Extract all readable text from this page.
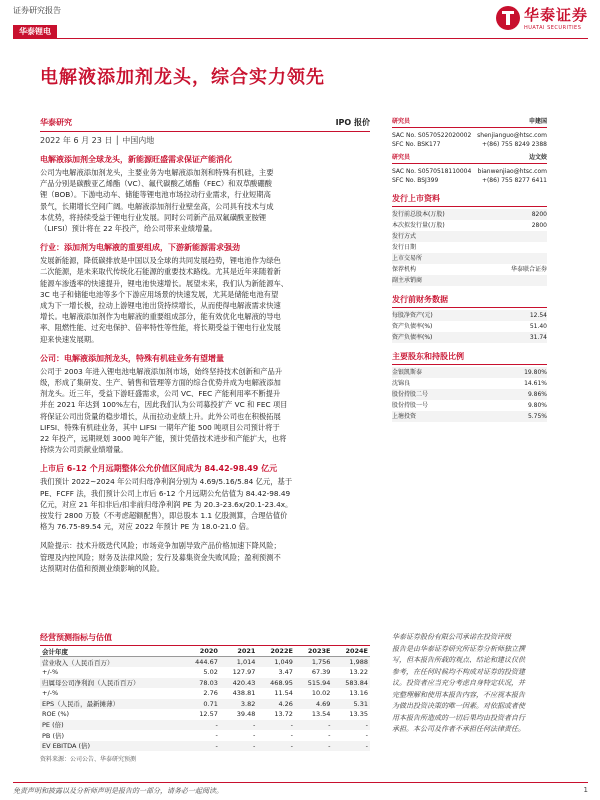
证券研究报告	华泰证券
HUATAI SECURITIES
华泰锂电
电解液添加剂龙头，综合实力领先
华泰研究	IPO 报价
2022 年 6 月 23 日 │ 中国内地
电解液添加剂全球龙头，新能源旺盛需求保证产能消化

公司为电解液添加剂龙头，主要业务为电解液添加剂和特殊有机硅，主要
产品分别是碳酸亚乙烯酯（VC）、氟代碳酸乙烯酯（FEC）和双草酸硼酸
锂（BOB）。下游电动车、储能等锂电池市场拉动行业需求，行业短期高
景气，长期增长空间广阔。电解液添加剂行业壁垒高，公司具有技术与成
本优势，将持续受益于锂电行业发展。同时公司新产品双氟磺酰亚胺锂
（LIFSI）预计将在 22 年投产，给公司带来业绩增量。

行业：添加剂为电解液的重要组成，下游新能源需求强劲

发展新能源，降低碳排放是中国以及全球的共同发展趋势，锂电池作为绿色
二次能源，是未来取代传统化石能源的重要技术路线。尤其是近年来随着新
能源车渗透率的快速提升，锂电池快速增长。展望未来，我们认为新能源车、
3C 电子和储能电池等多个下游应用场景的快速发展，尤其是储能电池有望
成为下一增长极，拉动上游锂电池出货持续增长，从而使得电解液需求快速
增长。电解液添加剂作为电解液的重要组成部分，能有效优化电解液的导电
率、阻燃性能、过充电保护、倍率特性等性能，将长期受益于锂电行业发展
迎来快速发展期。

公司：电解液添加剂龙头，特殊有机硅业务有望增量

公司于 2003 年进入锂电池电解液添加剂市场，始终坚持技术创新和产品升
级，形成了集研发、生产、销售和管理等方面的综合优势并成为电解液添加
剂龙头。近三年，受益下游旺盛需求，公司 VC、FEC 产能利用率不断提升
并在 2021 年达到 100%左右，因此我们认为公司募投扩产 VC 和 FEC 项目
将保证公司出货量的稳步增长，从而拉动业绩上升。此外公司也在积极拓展
LIFSI、特殊有机硅业务，其中 LIFSI 一期年产能 500 吨项目公司预计将于
22 年投产，远期规划 3000 吨年产能，预计凭借技术进步和产能扩大，也将
持续为公司贡献业绩增量。

上市后 6-12 个月远期整体公允价值区间成为 84.42-98.49 亿元

我们预计 2022~2024 年公司归母净利润分别为 4.69/5.16/5.84 亿元，基于
PE、FCFF 法，我们预计公司上市后 6-12 个月远期公允估值为 84.42-98.49
亿元，对应 21 年扣非后/扣非前归母净利润 PE 为 20.3-23.6x/20.1-23.4x。
按发行 2800 万股（不考虑超额配售），即总股本 1.1 亿股测算，合理估值价
格为 76.75-89.54 元，对应 2022 年预计 PE 为 18.0-21.0 倍。

风险提示：技术升级迭代风险；市场竞争加剧导致产品价格加速下降风险；
管理及内控风险；财务及法律风险；发行及募集资金失败风险；盈利预测不
达预期对估值和预测业绩影响的风险。

研究员	申建国
SAC No. S0570522020002 shenjianguo@htsc.com
SFC No. BSK177	+(86) 755 8249 2388
研究员	边文姣
SAC No. S0570518110004 bianwenjiao@htsc.com
SFC No. BSJ399	+(86) 755 8277 6411
发行上市资料
发行前总股本(万股)	8200
本次拟发行量(万股)	2800
发行方式
发行日期
上市交易所
保荐机构	华泰联合证券
副主承销商
发行前财务数据
每股净资产(元)	12.54
资产负债率(%)	51.40
资产负债率(%)	31.74
主要股东和持股比例
金银凯斯泰	19.80%
沈锦良	14.61%
股份持股二号	9.86%
股份持股一号	9.80%
上塘投资	5.75%
经营预测指标与估值
会计年度	2020	2021	2022E	2023E	2024E
营业收入（人民币百万）	444.67	1,014	1,049	1,756	1,988
+/-%	5.02	127.97	3.47	67.39	13.22
归属母公司净利润（人民币百万）	78.03	420.43	468.95	515.94	583.84
+/-%	2.76	438.81	11.54	10.02	13.16
EPS（人民币，最新摊薄）	0.71	3.82	4.26	4.69	5.31
ROE (%)	12.57	39.48	13.72	13.54	13.35
PE (倍)	-	-	-	-	-
PB (倍)	-	-	-	-	-
EV EBITDA (倍)	-	-	-	-	-
资料来源：公司公告、华泰研究预测
华泰证券股份有限公司承诺在投资评级
报告是由华泰证券研究所证券分析师独立撰
写，但本报告所载的观点、结论和建议仅供
参考，在任何时候均不构成对证券的投资建
议。投资者应当充分考虑自身特定状况，并
完整理解和使用本报告内容，不应视本报告
为做出投资决策的唯一因素。对依据或者使
用本报告所造成的一切后果均由投资者自行
承担。本公司及作者不承担任何法律责任。
免责声明和披露以及分析师声明是报告的一部分，请务必一起阅读。	1
